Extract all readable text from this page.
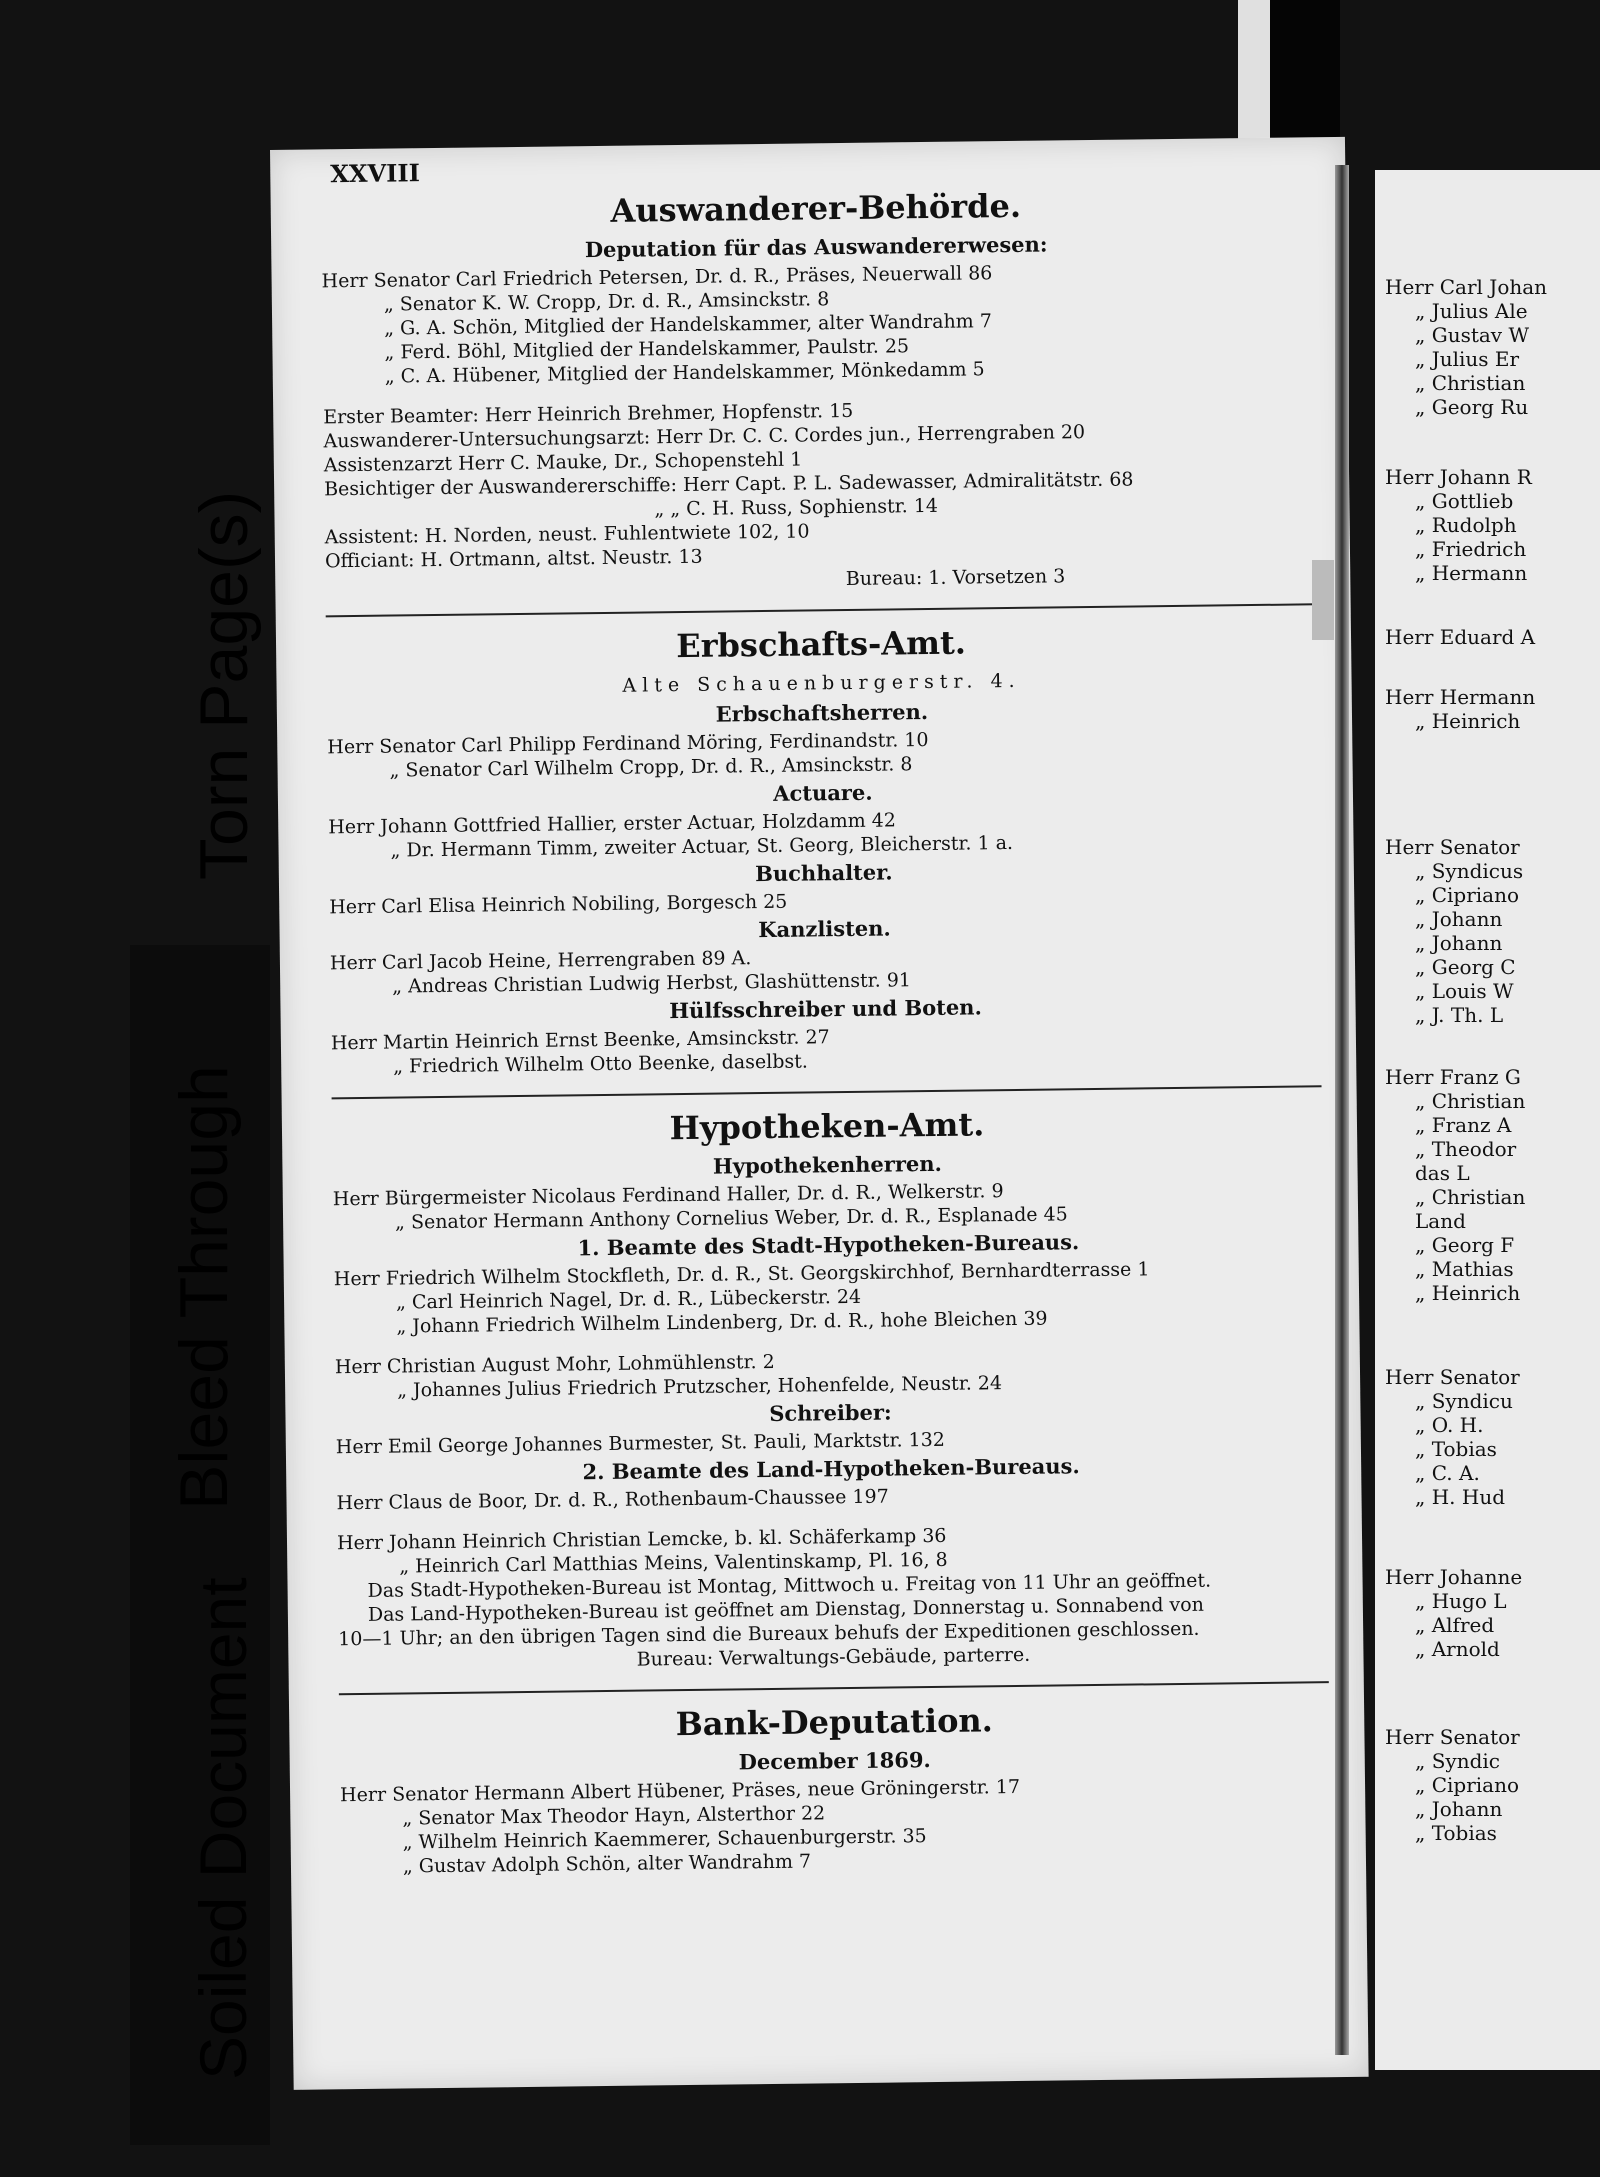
Torn Page(s)
Bleed Through
Soiled Document
XXVIII
Auswanderer-Behörde.
Deputation für das Auswandererwesen:
Herr Senator Carl Friedrich Petersen, Dr. d. R., Präses, Neuerwall 86
„ Senator K. W. Cropp, Dr. d. R., Amsinckstr. 8
„ G. A. Schön, Mitglied der Handelskammer, alter Wandrahm 7
„ Ferd. Böhl, Mitglied der Handelskammer, Paulstr. 25
„ C. A. Hübener, Mitglied der Handelskammer, Mönkedamm 5
Erster Beamter: Herr Heinrich Brehmer, Hopfenstr. 15
Auswanderer-Untersuchungsarzt: Herr Dr. C. C. Cordes jun., Herrengraben 20
Assistenzarzt Herr C. Mauke, Dr., Schopenstehl 1
Besichtiger der Auswandererschiffe: Herr Capt. P. L. Sadewasser, Admiralitätstr. 68
„ „ C. H. Russ, Sophienstr. 14
Assistent: H. Norden, neust. Fuhlentwiete 102, 10
Officiant: H. Ortmann, altst. Neustr. 13
Bureau: 1. Vorsetzen 3
Erbschafts-Amt.
Alte Schauenburgerstr. 4.
Erbschaftsherren.
Herr Senator Carl Philipp Ferdinand Möring, Ferdinandstr. 10
„ Senator Carl Wilhelm Cropp, Dr. d. R., Amsinckstr. 8
Actuare.
Herr Johann Gottfried Hallier, erster Actuar, Holzdamm 42
„ Dr. Hermann Timm, zweiter Actuar, St. Georg, Bleicherstr. 1 a.
Buchhalter.
Herr Carl Elisa Heinrich Nobiling, Borgesch 25
Kanzlisten.
Herr Carl Jacob Heine, Herrengraben 89 A.
„ Andreas Christian Ludwig Herbst, Glashüttenstr. 91
Hülfsschreiber und Boten.
Herr Martin Heinrich Ernst Beenke, Amsinckstr. 27
„ Friedrich Wilhelm Otto Beenke, daselbst.
Hypotheken-Amt.
Hypothekenherren.
Herr Bürgermeister Nicolaus Ferdinand Haller, Dr. d. R., Welkerstr. 9
„ Senator Hermann Anthony Cornelius Weber, Dr. d. R., Esplanade 45
1. Beamte des Stadt-Hypotheken-Bureaus.
Herr Friedrich Wilhelm Stockfleth, Dr. d. R., St. Georgskirchhof, Bernhardterrasse 1
„ Carl Heinrich Nagel, Dr. d. R., Lübeckerstr. 24
„ Johann Friedrich Wilhelm Lindenberg, Dr. d. R., hohe Bleichen 39
Herr Christian August Mohr, Lohmühlenstr. 2
„ Johannes Julius Friedrich Prutzscher, Hohenfelde, Neustr. 24
Schreiber:
Herr Emil George Johannes Burmester, St. Pauli, Marktstr. 132
2. Beamte des Land-Hypotheken-Bureaus.
Herr Claus de Boor, Dr. d. R., Rothenbaum-Chaussee 197
Herr Johann Heinrich Christian Lemcke, b. kl. Schäferkamp 36
„ Heinrich Carl Matthias Meins, Valentinskamp, Pl. 16, 8
Das Stadt-Hypotheken-Bureau ist Montag, Mittwoch u. Freitag von 11 Uhr an geöffnet.
Das Land-Hypotheken-Bureau ist geöffnet am Dienstag, Donnerstag u. Sonnabend von
10—1 Uhr; an den übrigen Tagen sind die Bureaux behufs der Expeditionen geschlossen.
Bureau: Verwaltungs-Gebäude, parterre.
Bank-Deputation.
December 1869.
Herr Senator Hermann Albert Hübener, Präses, neue Gröningerstr. 17
„ Senator Max Theodor Hayn, Alsterthor 22
„ Wilhelm Heinrich Kaemmerer, Schauenburgerstr. 35
„ Gustav Adolph Schön, alter Wandrahm 7
Herr Carl Johan
„ Julius Ale
„ Gustav W
„ Julius Er
„ Christian
„ Georg Ru
Herr Johann R
„ Gottlieb
„ Rudolph
„ Friedrich
„ Hermann
Herr Eduard A
Herr Hermann
„ Heinrich
Herr Senator
„ Syndicus
„ Cipriano
„ Johann
„ Johann
„ Georg C
„ Louis W
„ J. Th. L
Herr Franz G
„ Christian
„ Franz A
„ Theodor
das L
„ Christian
Land
„ Georg F
„ Mathias
„ Heinrich
Herr Senator
„ Syndicu
„ O. H.
„ Tobias
„ C. A.
„ H. Hud
Herr Johanne
„ Hugo L
„ Alfred
„ Arnold
Herr Senator
„ Syndic
„ Cipriano
„ Johann
„ Tobias
